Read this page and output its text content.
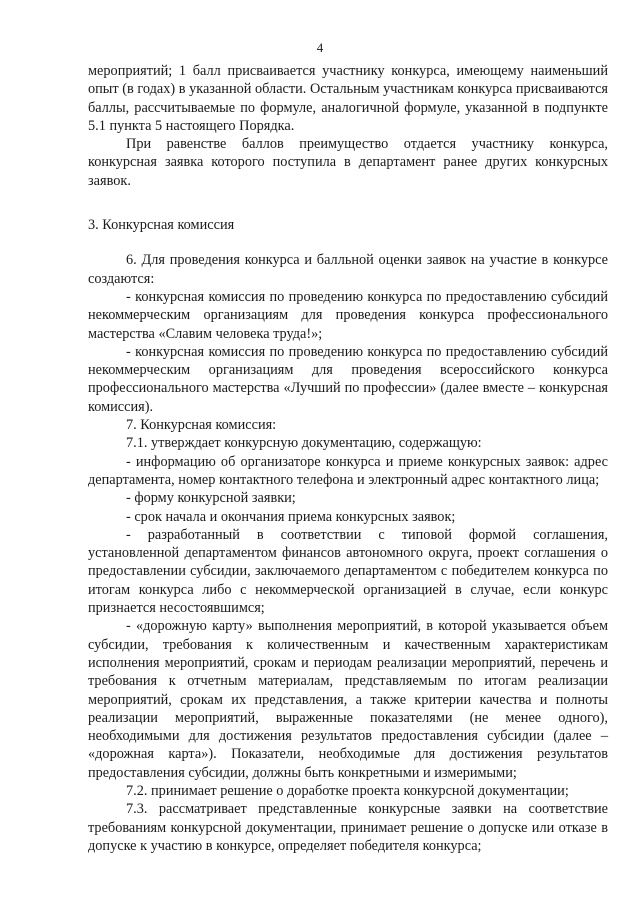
4

мероприятий; 1 балл присваивается участнику конкурса, имеющему наименьший опыт (в годах) в указанной области. Остальным участникам конкурса присваиваются баллы, рассчитываемые по формуле, аналогичной формуле, указанной в подпункте 5.1 пункта 5 настоящего Порядка.

При равенстве баллов преимущество отдается участнику конкурса, конкурсная заявка которого поступила в департамент ранее других конкурсных заявок.

3. Конкурсная комиссия

6. Для проведения конкурса и балльной оценки заявок на участие в конкурсе создаются:

- конкурсная комиссия по проведению конкурса по предоставлению субсидий некоммерческим организациям для проведения конкурса профессионального мастерства «Славим человека труда!»;

- конкурсная комиссия по проведению конкурса по предоставлению субсидий некоммерческим организациям для проведения всероссийского конкурса профессионального мастерства «Лучший по профессии» (далее вместе – конкурсная комиссия).

7. Конкурсная комиссия:

7.1. утверждает конкурсную документацию, содержащую:

- информацию об организаторе конкурса и приеме конкурсных заявок: адрес департамента, номер контактного телефона и электронный адрес контактного лица;

- форму конкурсной заявки;

- срок начала и окончания приема конкурсных заявок;

- разработанный в соответствии с типовой формой соглашения, установленной департаментом финансов автономного округа, проект соглашения о предоставлении субсидии, заключаемого департаментом с победителем конкурса по итогам конкурса либо с некоммерческой организацией в случае, если конкурс признается несостоявшимся;

- «дорожную карту» выполнения мероприятий, в которой указывается объем субсидии, требования к количественным и качественным характеристикам исполнения мероприятий, срокам и периодам реализации мероприятий, перечень и требования к отчетным материалам, представляемым по итогам реализации мероприятий, срокам их представления, а также критерии качества и полноты реализации мероприятий, выраженные показателями (не менее одного), необходимыми для достижения результатов предоставления субсидии (далее – «дорожная карта»). Показатели, необходимые для достижения результатов предоставления субсидии, должны быть конкретными и измеримыми;

7.2. принимает решение о доработке проекта конкурсной документации;

7.3. рассматривает представленные конкурсные заявки на соответствие требованиям конкурсной документации, принимает решение о допуске или отказе в допуске к участию в конкурсе, определяет победителя конкурса;
